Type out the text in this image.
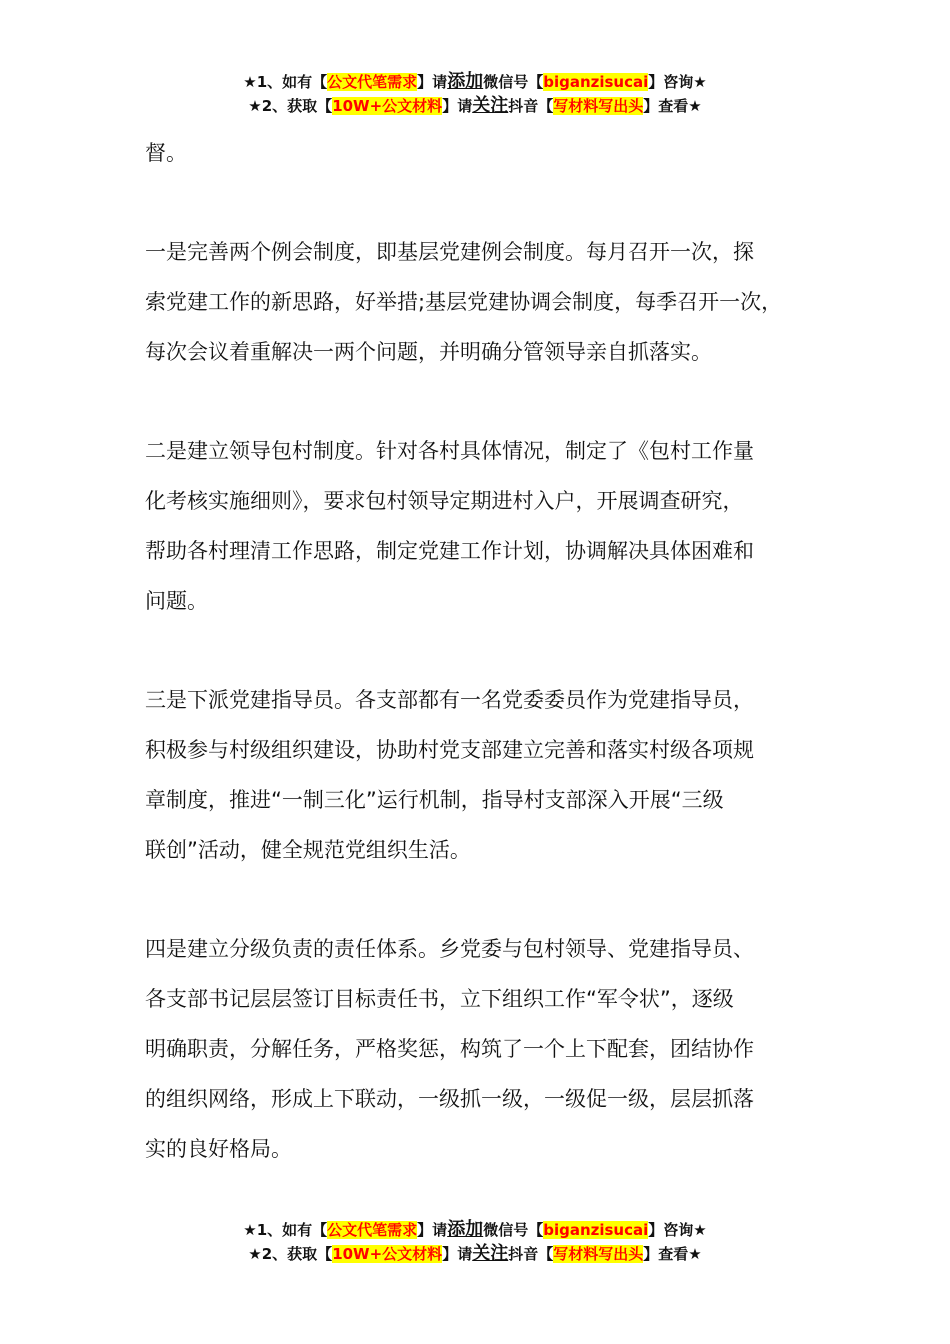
★1、如有【公文代笔需求】请添加微信号【biganzisucai】咨询★
★2、获取【10W+公文材料】请关注抖音【写材料写出头】查看★

督。

一是完善两个例会制度，即基层党建例会制度。每月召开一次，探
索党建工作的新思路，好举措;基层党建协调会制度，每季召开一次，
每次会议着重解决一两个问题，并明确分管领导亲自抓落实。

二是建立领导包村制度。针对各村具体情况，制定了《包村工作量
化考核实施细则》，要求包村领导定期进村入户，开展调查研究，
帮助各村理清工作思路，制定党建工作计划，协调解决具体困难和
问题。

三是下派党建指导员。各支部都有一名党委委员作为党建指导员，
积极参与村级组织建设，协助村党支部建立完善和落实村级各项规
章制度，推进“一制三化”运行机制，指导村支部深入开展“三级
联创”活动，健全规范党组织生活。

四是建立分级负责的责任体系。乡党委与包村领导、党建指导员、
各支部书记层层签订目标责任书，立下组织工作“军令状”，逐级
明确职责，分解任务，严格奖惩，构筑了一个上下配套，团结协作
的组织网络，形成上下联动，一级抓一级，一级促一级，层层抓落
实的良好格局。

★1、如有【公文代笔需求】请添加微信号【biganzisucai】咨询★
★2、获取【10W+公文材料】请关注抖音【写材料写出头】查看★
